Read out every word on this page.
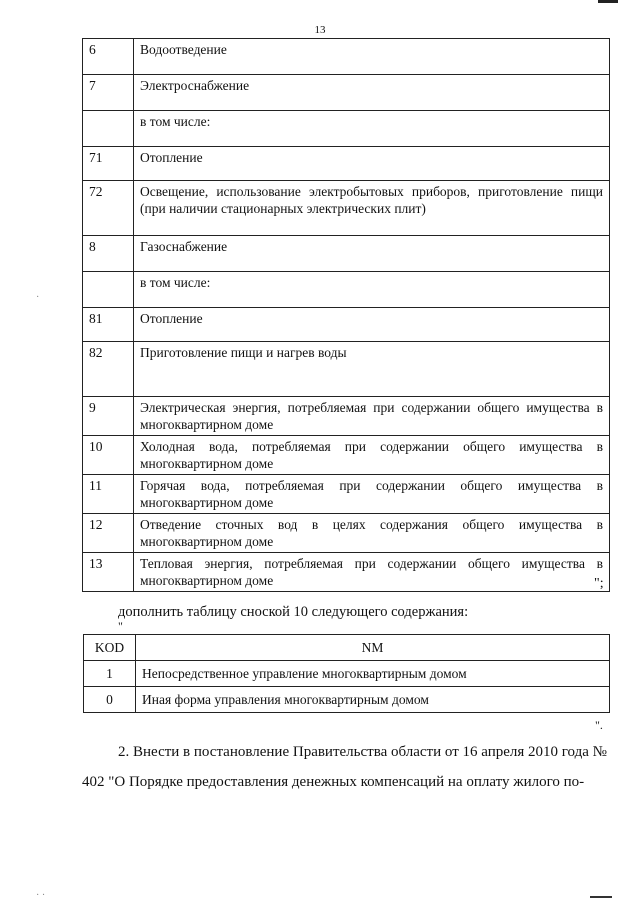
13
·
· ·
6	Водоотведение
7	Электроснабжение
	в том числе:
71	Отопление
72	Освещение, использование электробытовых приборов, приготовление пищи (при наличии стационарных электрических плит)
8	Газоснабжение
	в том числе:
81	Отопление
82	Приготовление пищи и нагрев воды
9	Электрическая энергия, потребляемая при содержании общего имущества в многоквартирном доме
10	Холодная вода, потребляемая при содержании общего имущества в многоквартирном доме
11	Горячая вода, потребляемая при содержании общего имущества в многоквартирном доме
12	Отведение сточных вод в целях содержания общего имущества в многоквартирном доме
13	Тепловая энергия, потребляемая при содержании общего имущества в многоквартирном доме	";
дополнить таблицу сноской 10 следующего содержания:
"
KOD	NM
1	Непосредственное управление многоквартирным домом
0	Иная форма управления многоквартирным домом
".
2. Внести в постановление Правительства области от 16 апреля 2010 года №
402 "О Порядке предоставления денежных компенсаций на оплату жилого по-
